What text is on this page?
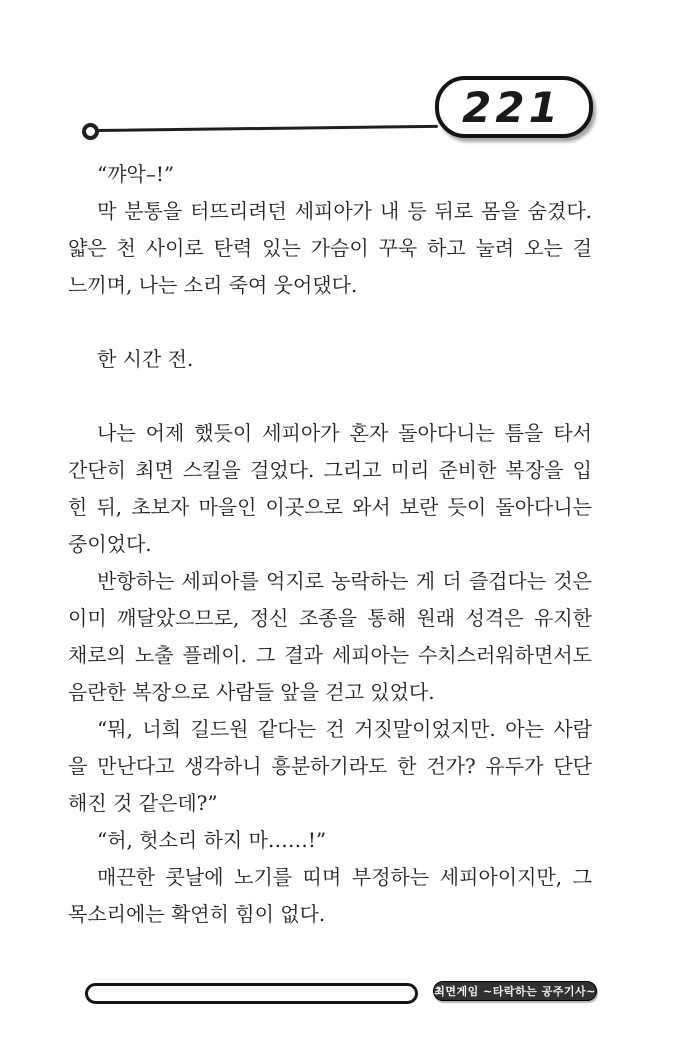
221
“꺄악–!”
막 분통을 터뜨리려던 세피아가 내 등 뒤로 몸을 숨겼다.
얇은 천 사이로 탄력 있는 가슴이 꾸욱 하고 눌려 오는 걸
느끼며, 나는 소리 죽여 웃어댔다.
한 시간 전.
나는 어제 했듯이 세피아가 혼자 돌아다니는 틈을 타서
간단히 최면 스킬을 걸었다. 그리고 미리 준비한 복장을 입
힌 뒤, 초보자 마을인 이곳으로 와서 보란 듯이 돌아다니는
중이었다.
반항하는 세피아를 억지로 농락하는 게 더 즐겁다는 것은
이미 깨달았으므로, 정신 조종을 통해 원래 성격은 유지한
채로의 노출 플레이. 그 결과 세피아는 수치스러워하면서도
음란한 복장으로 사람들 앞을 걷고 있었다.
“뭐, 너희 길드원 같다는 건 거짓말이었지만. 아는 사람
을 만난다고 생각하니 흥분하기라도 한 건가? 유두가 단단
해진 것 같은데?”
“허, 헛소리 하지 마……!”
매끈한 콧날에 노기를 띠며 부정하는 세피아이지만, 그
목소리에는 확연히 힘이 없다.
최면게임 ~타락하는 공주기사~
